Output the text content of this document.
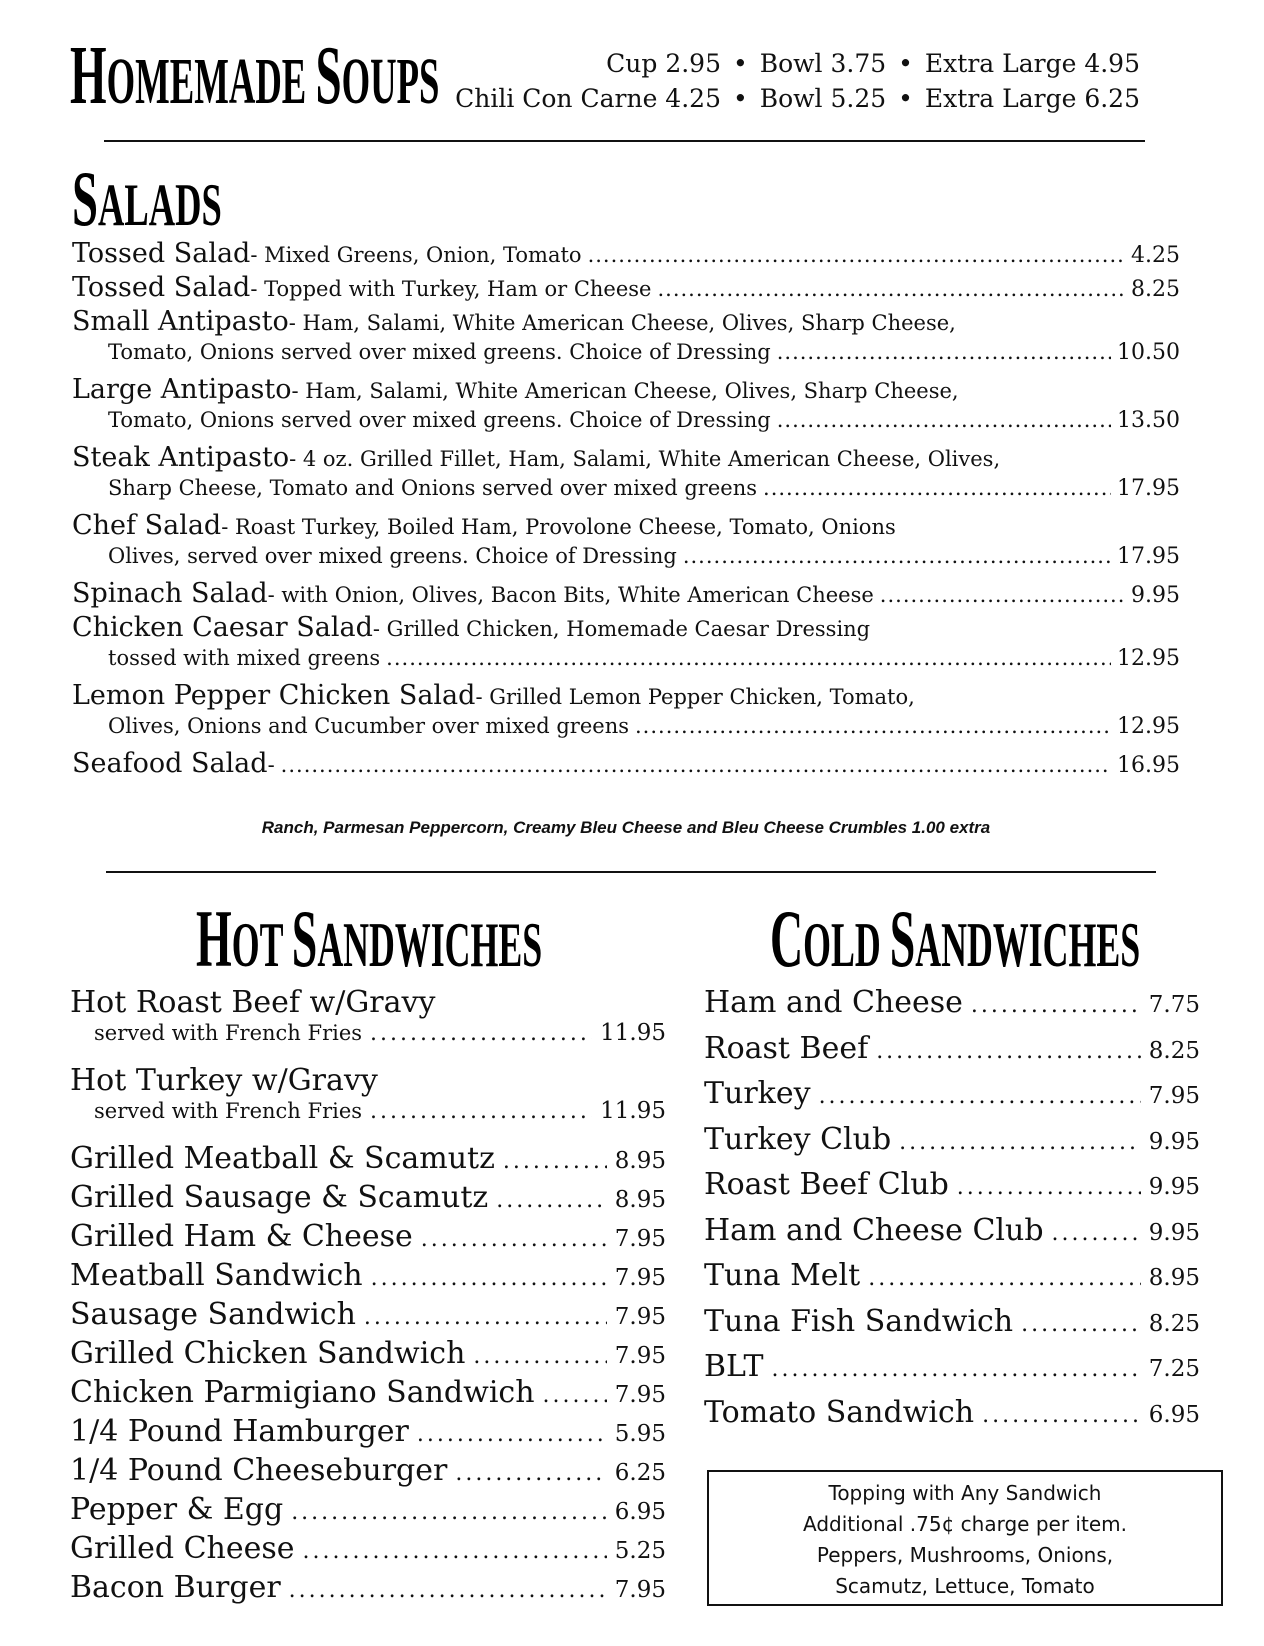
HOMEMADE SOUPS	Cup 2.95 • Bowl 3.75 • Extra Large 4.95
Chili Con Carne 4.25 • Bowl 5.25 • Extra Large 6.25
SALADS
Tossed Salad - Mixed Greens, Onion, Tomato .....	4.25
Tossed Salad - Topped with Turkey, Ham or Cheese .....	8.25
Small Antipasto - Ham, Salami, White American Cheese, Olives, Sharp Cheese,
Tomato, Onions served over mixed greens. Choice of Dressing .....	10.50
Large Antipasto - Ham, Salami, White American Cheese, Olives, Sharp Cheese,
Tomato, Onions served over mixed greens. Choice of Dressing .....	13.50
Steak Antipasto - 4 oz. Grilled Fillet, Ham, Salami, White American Cheese, Olives,
Sharp Cheese, Tomato and Onions served over mixed greens .....	17.95
Chef Salad - Roast Turkey, Boiled Ham, Provolone Cheese, Tomato, Onions
Olives, served over mixed greens. Choice of Dressing .....	17.95
Spinach Salad - with Onion, Olives, Bacon Bits, White American Cheese .....	9.95
Chicken Caesar Salad - Grilled Chicken, Homemade Caesar Dressing
tossed with mixed greens .....	12.95
Lemon Pepper Chicken Salad - Grilled Lemon Pepper Chicken, Tomato,
Olives, Onions and Cucumber over mixed greens .....	12.95
Seafood Salad - .....	16.95
Ranch, Parmesan Peppercorn, Creamy Bleu Cheese and Bleu Cheese Crumbles 1.00 extra
HOT SANDWICHES
Hot Roast Beef w/Gravy
served with French Fries .....	11.95
Hot Turkey w/Gravy
served with French Fries .....	11.95
Grilled Meatball & Scamutz .....	8.95
Grilled Sausage & Scamutz .....	8.95
Grilled Ham & Cheese .....	7.95
Meatball Sandwich .....	7.95
Sausage Sandwich .....	7.95
Grilled Chicken Sandwich .....	7.95
Chicken Parmigiano Sandwich .....	7.95
1/4 Pound Hamburger .....	5.95
1/4 Pound Cheeseburger .....	6.25
Pepper & Egg .....	6.95
Grilled Cheese .....	5.25
Bacon Burger .....	7.95
COLD SANDWICHES
Ham and Cheese .....	7.75
Roast Beef .....	8.25
Turkey .....	7.95
Turkey Club .....	9.95
Roast Beef Club .....	9.95
Ham and Cheese Club .....	9.95
Tuna Melt .....	8.95
Tuna Fish Sandwich .....	8.25
BLT .....	7.25
Tomato Sandwich .....	6.95
Topping with Any Sandwich
Additional .75¢ charge per item.
Peppers, Mushrooms, Onions,
Scamutz, Lettuce, Tomato
